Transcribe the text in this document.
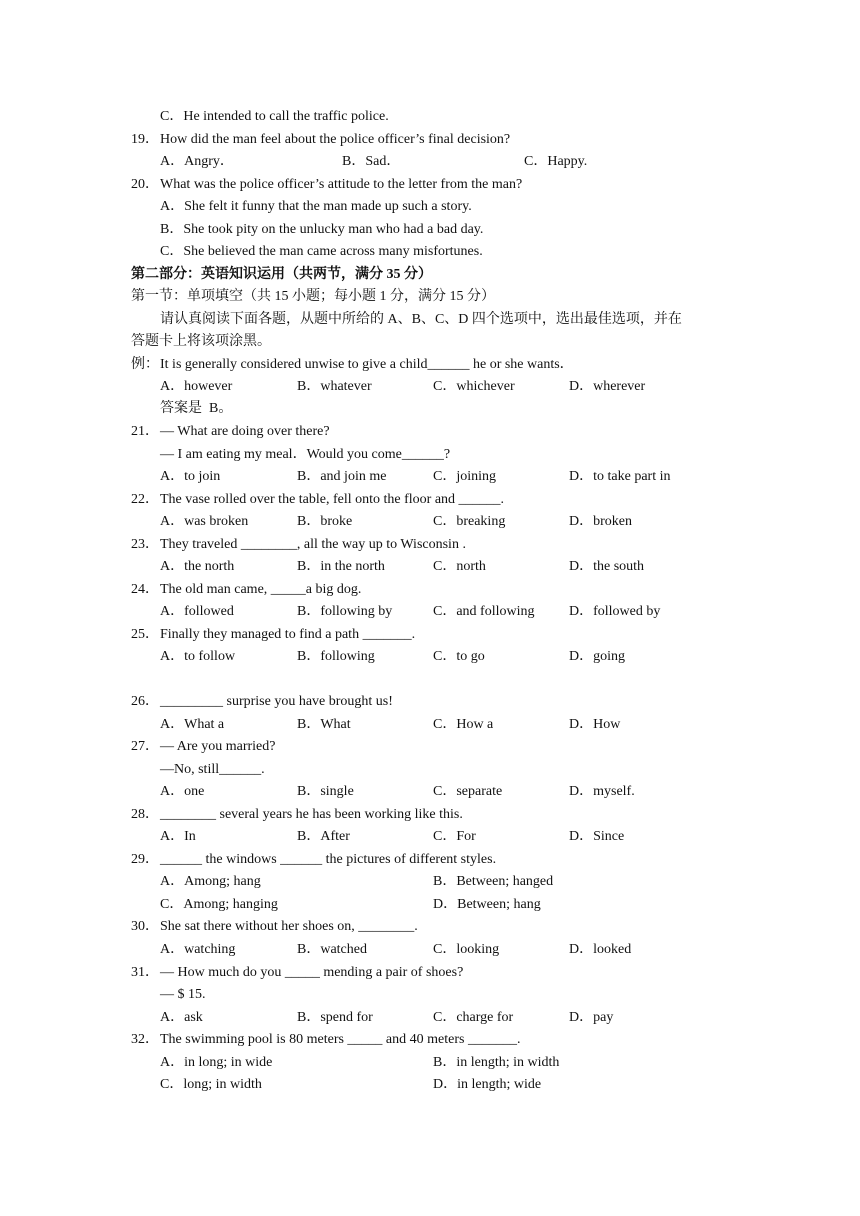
C．He intended to call the traffic police.
19． How did the man feel about the police officer’s final decision?
A．Angry．	B．Sad．	C．Happy.
20． What was the police officer’s attitude to the letter from the man?
A．She felt it funny that the man made up such a story.
B．She took pity on the unlucky man who had a bad day.
C．She believed the man came across many misfortunes.
第二部分：英语知识运用（共两节，满分 35 分）
第一节：单项填空（共 15 小题；每小题 1 分，满分 15 分）
请认真阅读下面各题，从题中所给的 A、B、C、D 四个选项中，选出最佳选项，并在
答题卡上将该项涂黑。
例： It is generally considered unwise to give a child______ he or she wants．
A．however	B．whatever	C．whichever	D．wherever
答案是  B。
21． — What are doing over there?
— I am eating my meal．Would you come______?
A．to join	B．and join me	C．joining	D．to take part in
22． The vase rolled over the table, fell onto the floor and ______.
A．was broken	B．broke	C．breaking	D．broken
23． They traveled ________, all the way up to Wisconsin .
A．the north	B．in the north	C．north	D．the south
24． The old man came, _____a big dog.
A．followed	B．following by	C．and following D．followed by
25． Finally they managed to find a path _______.
A．to follow	B．following	C．to go	D．going
26． _________ surprise you have brought us!
A．What a	B．What	C．How a	D．How
27． — Are you married?
—No, still______.
A．one	B．single	C．separate	D．myself.
28． ________ several years he has been working like this.
A．In	B．After	C．For	D．Since
29． ______ the windows ______ the pictures of different styles.
A．Among; hang	B．Between; hanged
C．Among; hanging	D．Between; hang
30． She sat there without her shoes on, ________.
A．watching	B．watched	C．looking	D．looked
31． — How much do you _____ mending a pair of shoes?
— $ 15.
A．ask	B．spend for	C．charge for	D．pay
32． The swimming pool is 80 meters _____ and 40 meters _______.
A．in long; in wide	B．in length; in width
C．long; in width	D．in length; wide
